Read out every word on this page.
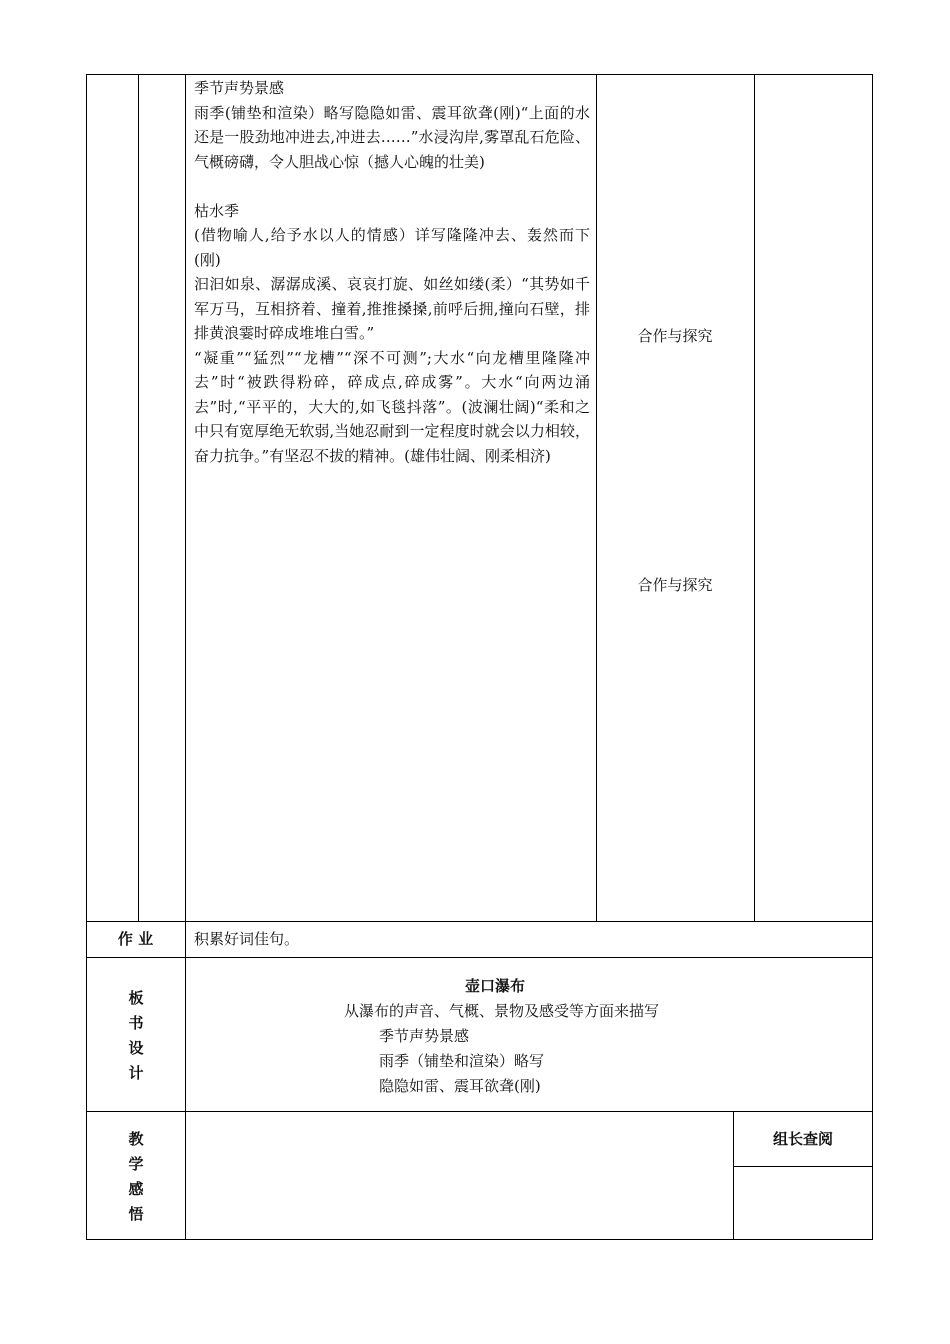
季节声势景感
雨季(铺垫和渲染）略写隐隐如雷、震耳欲聋(刚)“上面的水还是一股劲地冲进去,冲进去……”水浸沟岸,雾罩乱石危险、气概磅礴，令人胆战心惊（撼人心魄的壮美)
枯水季
(借物喻人,给予水以人的情感）详写隆隆冲去、轰然而下(刚)
汩汩如泉、潺潺成溪、哀哀打旋、如丝如缕(柔）“其势如千军万马，互相挤着、撞着,推推搡搡,前呼后拥,撞向石壁，排排黄浪霎时碎成堆堆白雪。”
“凝重”“猛烈”“龙槽”“深不可测”;大水“向龙槽里隆隆冲去”时“被跌得粉碎，碎成点,碎成雾”。大水“向两边涌去”时,“平平的，大大的,如飞毯抖落”。(波澜壮阔)“柔和之中只有宽厚绝无软弱,当她忍耐到一定程度时就会以力相较，奋力抗争。”有坚忍不拔的精神。(雄伟壮阔、刚柔相济)
合作与探究
合作与探究
作 业	积累好词佳句。
板书设计
壶口瀑布
从瀑布的声音、气概、景物及感受等方面来描写
季节声势景感
雨季（铺垫和渲染）略写
隐隐如雷、震耳欲聋(刚)
教学感悟
组长查阅
